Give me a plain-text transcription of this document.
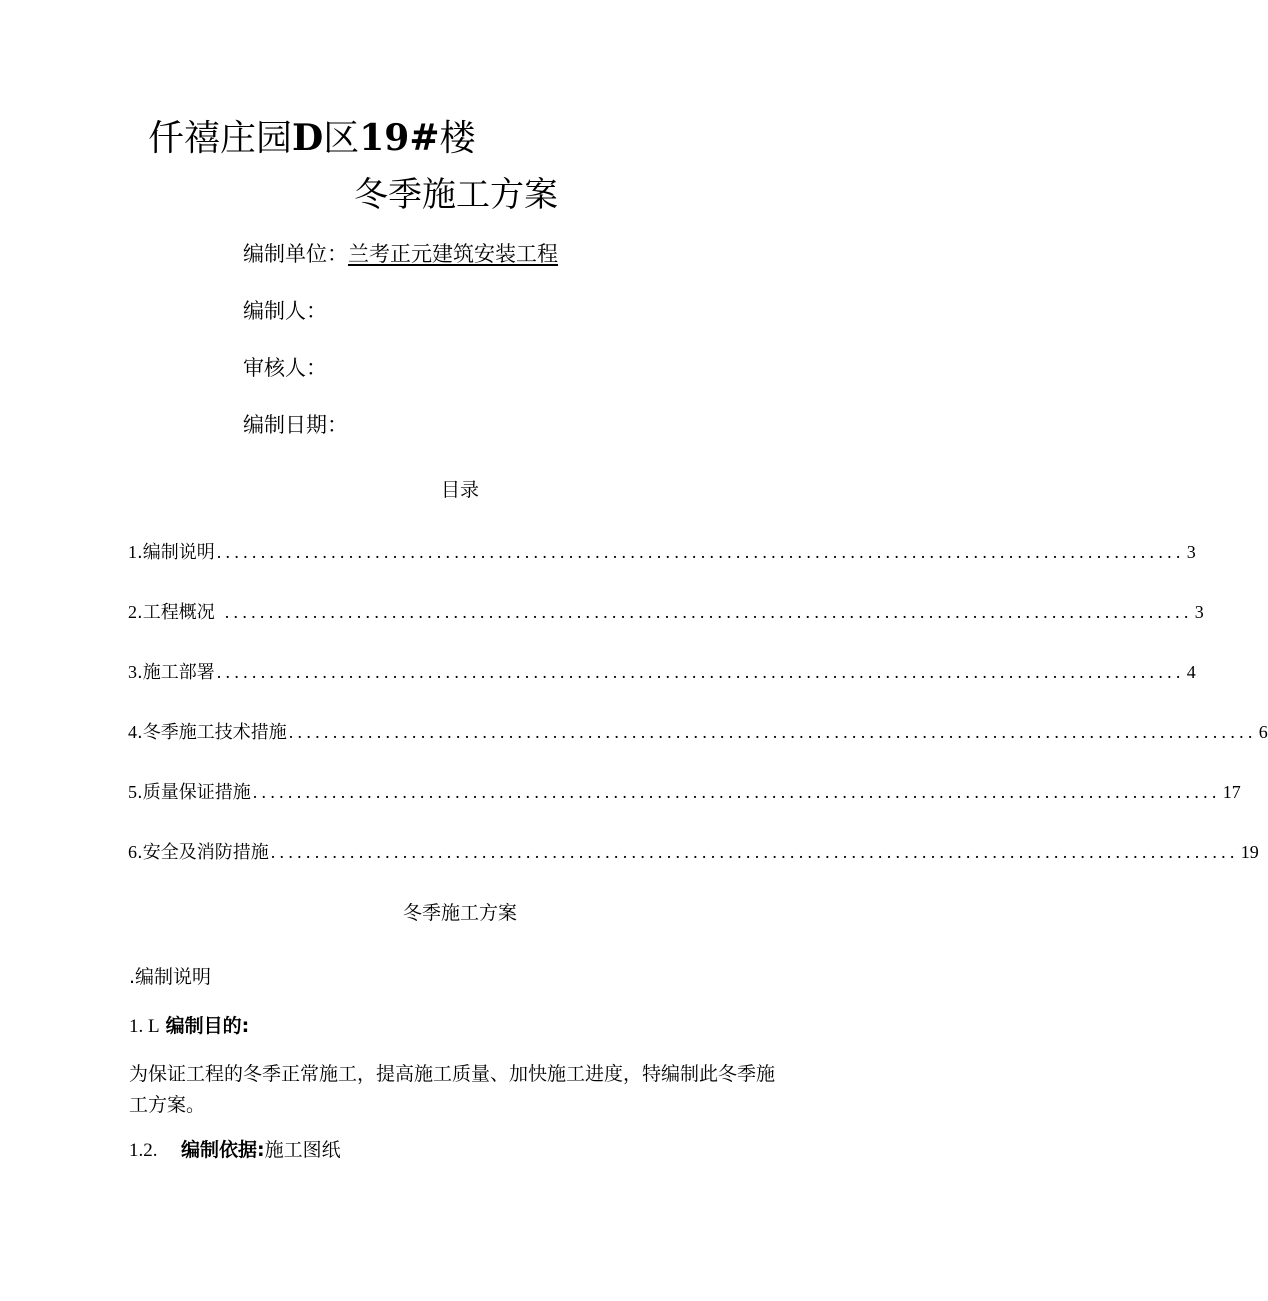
仟禧庄园D区19#楼
冬季施工方案
编制单位：兰考正元建筑安装工程
编制人：
审核人：
编制日期：
目录
1 .编制说明 .............................................................................................................. 3
2 .工程概况 .............................................................................................................. 3
3 .施工部署 .............................................................................................................. 4
4 .冬季施工技术措施 .............................................................................................................. 6
5 .质量保证措施 .............................................................................................................. 17
6 .安全及消防措施 .............................................................................................................. 19
冬季施工方案
.编制说明
1. L 编制目的:
为保证工程的冬季正常施工，提高施工质量、加快施工进度，特编制此冬季施工方案。
1.2. 编制依据:施工图纸
